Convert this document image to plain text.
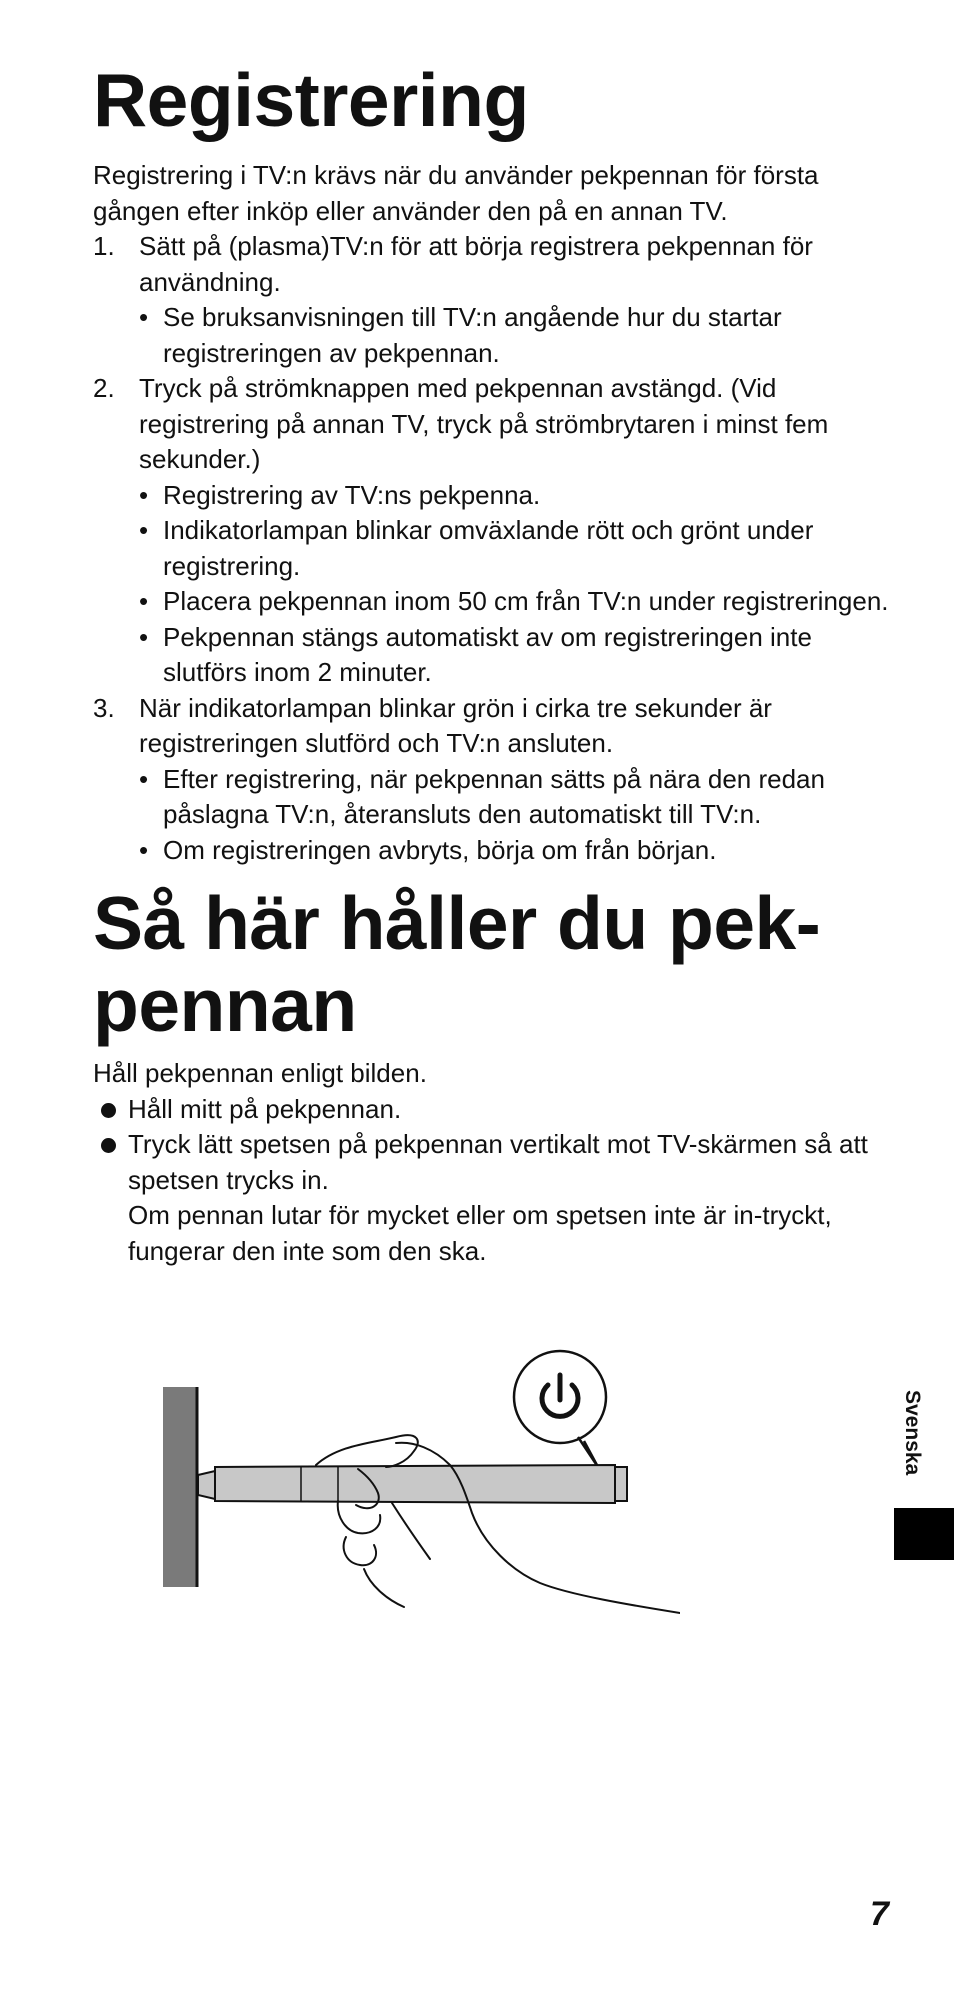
Registrering

Registrering i TV:n krävs när du använder pekpennan för första gången efter inköp eller använder den på en annan TV.

1. Sätt på (plasma)TV:n för att börja registrera pekpennan för användning.
• Se bruksanvisningen till TV:n angående hur du startar registreringen av pekpennan.
2. Tryck på strömknappen med pekpennan avstängd. (Vid registrering på annan TV, tryck på strömbrytaren i minst fem sekunder.)
• Registrering av TV:ns pekpenna.
• Indikatorlampan blinkar omväxlande rött och grönt under registrering.
• Placera pekpennan inom 50 cm från TV:n under registreringen.
• Pekpennan stängs automatiskt av om registreringen inte slutförs inom 2 minuter.
3. När indikatorlampan blinkar grön i cirka tre sekunder är registreringen slutförd och TV:n ansluten.
• Efter registrering, när pekpennan sätts på nära den redan påslagna TV:n, återansluts den automatiskt till TV:n.
• Om registreringen avbryts, börja om från början.
Så här håller du pek-
pennan

Håll pekpennan enligt bilden.

Håll mitt på pekpennan.
Tryck lätt spetsen på pekpennan vertikalt mot TV-skärmen så att spetsen trycks in.
Om pennan lutar för mycket eller om spetsen inte är in-tryckt, fungerar den inte som den ska.
Svenska
7
